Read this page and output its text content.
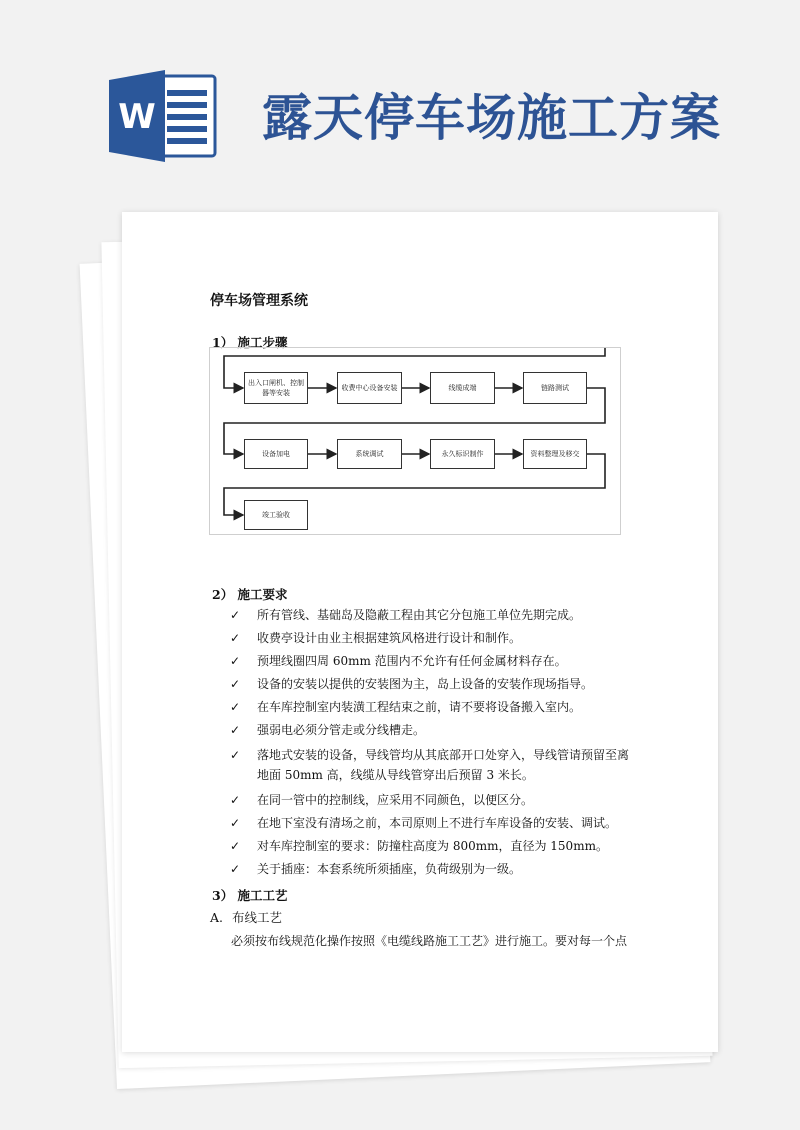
W 露天停车场施工方案
停车场管理系统
1） 施工步骤
出入口闸机、控制器等安装
收费中心设备安装	线缆成端	链路测试
设备加电	系统调试	永久标识制作	资料整理及移交
竣工验收
2） 施工要求
✓ 所有管线、基础岛及隐蔽工程由其它分包施工单位先期完成。
✓ 收费亭设计由业主根据建筑风格进行设计和制作。
✓ 预埋线圈四周 60mm 范围内不允许有任何金属材料存在。
✓ 设备的安装以提供的安装图为主，岛上设备的安装作现场指导。
✓ 在车库控制室内装潢工程结束之前，请不要将设备搬入室内。
✓ 强弱电必须分管走或分线槽走。
✓ 落地式安装的设备，导线管均从其底部开口处穿入，导线管请预留至离地面 50mm 高，线缆从导线管穿出后预留 3 米长。
✓ 在同一管中的控制线，应采用不同颜色，以便区分。
✓ 在地下室没有清场之前，本司原则上不进行车库设备的安装、调试。
✓ 对车库控制室的要求：防撞柱高度为 800mm，直径为 150mm。
✓ 关于插座：本套系统所须插座，负荷级别为一级。
3） 施工工艺
A. 布线工艺
必须按布线规范化操作按照《电缆线路施工工艺》进行施工。要对每一个点
